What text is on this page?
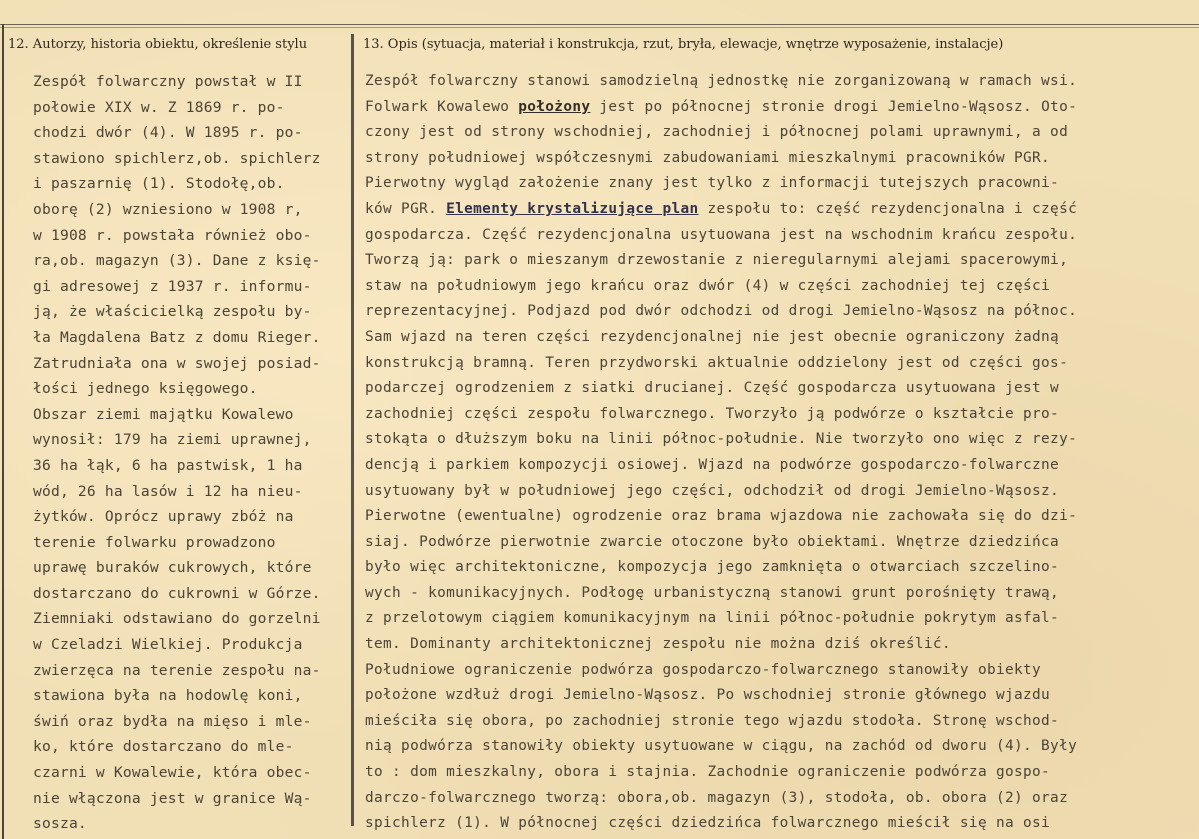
12. Autorzy, historia obiektu, określenie stylu	13. Opis (sytuacja, materiał i konstrukcja, rzut, bryła, elewacje, wnętrze wyposażenie, instalacje)
Zespół folwarczny powstał w II
połowie XIX w. Z 1869 r. po-
chodzi dwór (4). W 1895 r. po-
stawiono spichlerz,ob. spichlerz
i paszarnię (1). Stodołę,ob.
oborę (2) wzniesiono w 1908 r,
w 1908 r. powstała również obo-
ra,ob. magazyn (3). Dane z księ-
gi adresowej z 1937 r. informu-
ją, że właścicielką zespołu by-
ła Magdalena Batz z domu Rieger.
Zatrudniała ona w swojej posiad-
łości jednego księgowego.
Obszar ziemi majątku Kowalewo
wynosił: 179 ha ziemi uprawnej,
36 ha łąk, 6 ha pastwisk, 1 ha
wód, 26 ha lasów i 12 ha nieu-
żytków. Oprócz uprawy zbóż na
terenie folwarku prowadzono
uprawę buraków cukrowych, które
dostarczano do cukrowni w Górze.
Ziemniaki odstawiano do gorzelni
w Czeladzi Wielkiej. Produkcja
zwierzęca na terenie zespołu na-
stawiona była na hodowlę koni,
świń oraz bydła na mięso i mle-
ko, które dostarczano do mle-
czarni w Kowalewie, która obec-
nie włączona jest w granice Wą-
sosza.
Zespół folwarczny stanowi samodzielną jednostkę nie zorganizowaną w ramach wsi.
Folwark Kowalewo położony jest po północnej stronie drogi Jemielno-Wąsosz. Oto-
czony jest od strony wschodniej, zachodniej i północnej polami uprawnymi, a od
strony południowej współczesnymi zabudowaniami mieszkalnymi pracowników PGR.
Pierwotny wygląd założenie znany jest tylko z informacji tutejszych pracowni-
ków PGR. Elementy krystalizujące plan zespołu to: część rezydencjonalna i część
gospodarcza. Część rezydencjonalna usytuowana jest na wschodnim krańcu zespołu.
Tworzą ją: park o mieszanym drzewostanie z nieregularnymi alejami spacerowymi,
staw na południowym jego krańcu oraz dwór (4) w części zachodniej tej części
reprezentacyjnej. Podjazd pod dwór odchodzi od drogi Jemielno-Wąsosz na północ.
Sam wjazd na teren części rezydencjonalnej nie jest obecnie ograniczony żadną
konstrukcją bramną. Teren przydworski aktualnie oddzielony jest od części gos-
podarczej ogrodzeniem z siatki drucianej. Część gospodarcza usytuowana jest w
zachodniej części zespołu folwarcznego. Tworzyło ją podwórze o kształcie pro-
stokąta o dłuższym boku na linii północ-południe. Nie tworzyło ono więc z rezy-
dencją i parkiem kompozycji osiowej. Wjazd na podwórze gospodarczo-folwarczne
usytuowany był w południowej jego części, odchodził od drogi Jemielno-Wąsosz.
Pierwotne (ewentualne) ogrodzenie oraz brama wjazdowa nie zachowała się do dzi-
siaj. Podwórze pierwotnie zwarcie otoczone było obiektami. Wnętrze dziedzińca
było więc architektoniczne, kompozycja jego zamknięta o otwarciach szczelino-
wych - komunikacyjnych. Podłogę urbanistyczną stanowi grunt porośnięty trawą,
z przelotowym ciągiem komunikacyjnym na linii północ-południe pokrytym asfal-
tem. Dominanty architektonicznej zespołu nie można dziś określić.
Południowe ograniczenie podwórza gospodarczo-folwarcznego stanowiły obiekty
położone wzdłuż drogi Jemielno-Wąsosz. Po wschodniej stronie głównego wjazdu
mieściła się obora, po zachodniej stronie tego wjazdu stodoła. Stronę wschod-
nią podwórza stanowiły obiekty usytuowane w ciągu, na zachód od dworu (4). Były
to : dom mieszkalny, obora i stajnia. Zachodnie ograniczenie podwórza gospo-
darczo-folwarcznego tworzą: obora,ob. magazyn (3), stodoła, ob. obora (2) oraz
spichlerz (1). W północnej części dziedzińca folwarcznego mieścił się na osi
